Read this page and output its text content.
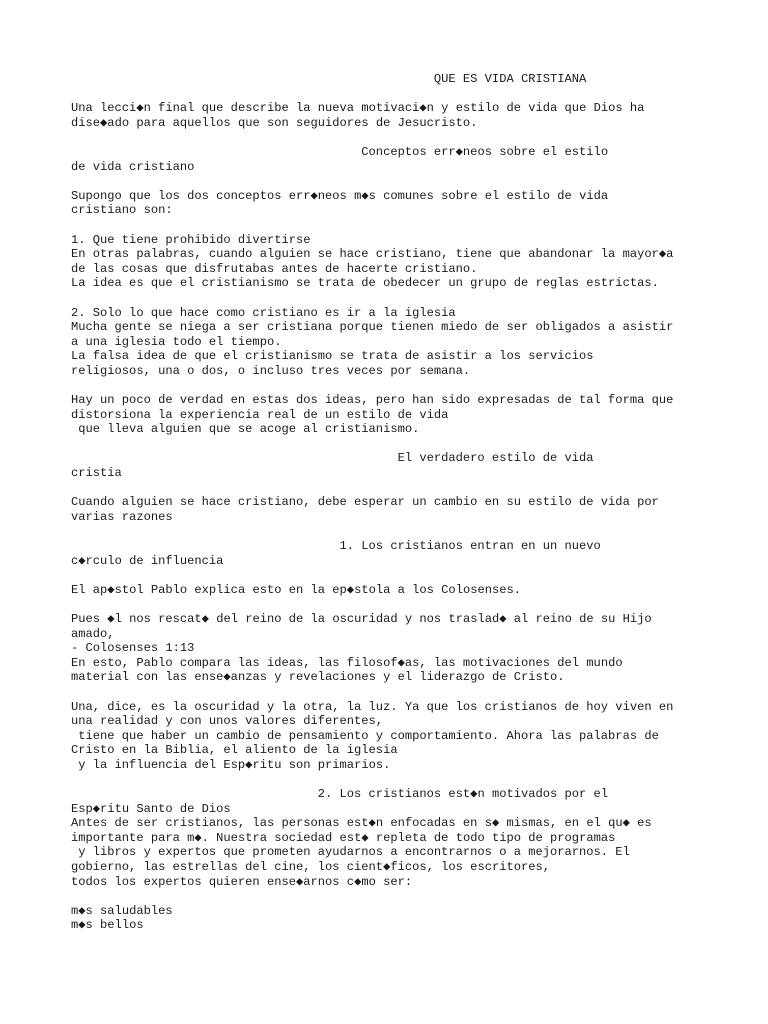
QUE ES VIDA CRISTIANA
Una lecci◆n final que describe la nueva motivaci◆n y estilo de vida que Dios ha
dise◆ado para aquellos que son seguidores de Jesucristo.
Conceptos err◆neos sobre el estilo
de vida cristiano
Supongo que los dos conceptos err◆neos m◆s comunes sobre el estilo de vida
cristiano son:
1. Que tiene prohibido divertirse
En otras palabras, cuando alguien se hace cristiano, tiene que abandonar la mayor◆a
de las cosas que disfrutabas antes de hacerte cristiano.
La idea es que el cristianismo se trata de obedecer un grupo de reglas estrictas.
2. Solo lo que hace como cristiano es ir a la iglesia
Mucha gente se niega a ser cristiana porque tienen miedo de ser obligados a asistir
a una iglesia todo el tiempo.
La falsa idea de que el cristianismo se trata de asistir a los servicios
religiosos, una o dos, o incluso tres veces por semana.
Hay un poco de verdad en estas dos ideas, pero han sido expresadas de tal forma que
distorsiona la experiencia real de un estilo de vida
que lleva alguien que se acoge al cristianismo.
El verdadero estilo de vida
cristia
Cuando alguien se hace cristiano, debe esperar un cambio en su estilo de vida por
varias razones
1. Los cristianos entran en un nuevo
c◆rculo de influencia
El ap◆stol Pablo explica esto en la ep◆stola a los Colosenses.
Pues ◆l nos rescat◆ del reino de la oscuridad y nos traslad◆ al reino de su Hijo
amado,
- Colosenses 1:13
En esto, Pablo compara las ideas, las filosof◆as, las motivaciones del mundo
material con las ense◆anzas y revelaciones y el liderazgo de Cristo.
Una, dice, es la oscuridad y la otra, la luz. Ya que los cristianos de hoy viven en
una realidad y con unos valores diferentes,
tiene que haber un cambio de pensamiento y comportamiento. Ahora las palabras de
Cristo en la Biblia, el aliento de la iglesia
y la influencia del Esp◆ritu son primarios.
2. Los cristianos est◆n motivados por el
Esp◆ritu Santo de Dios
Antes de ser cristianos, las personas est◆n enfocadas en s◆ mismas, en el qu◆ es
importante para m◆. Nuestra sociedad est◆ repleta de todo tipo de programas
y libros y expertos que prometen ayudarnos a encontrarnos o a mejorarnos. El
gobierno, las estrellas del cine, los cient◆ficos, los escritores,
todos los expertos quieren ense◆arnos c◆mo ser:
m◆s saludables
m◆s bellos
